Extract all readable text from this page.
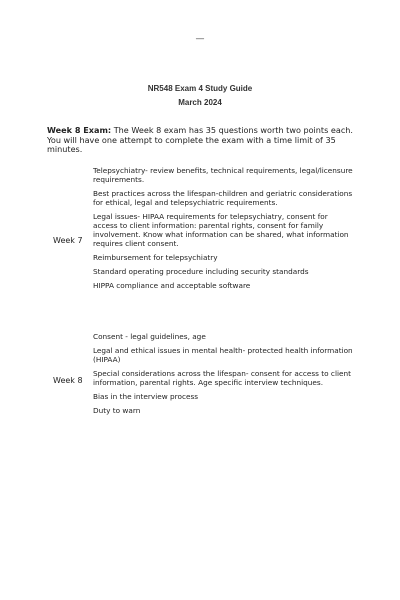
—
NR548 Exam 4 Study Guide
March 2024
Week 8 Exam: The Week 8 exam has 35 questions worth two points each. You will have one attempt to complete the exam with a time limit of 35 minutes.
Week 7
Telepsychiatry- review benefits, technical requirements, legal/licensure requirements.
Best practices across the lifespan-children and geriatric considerations for ethical, legal and telepsychiatric requirements.
Legal issues- HIPAA requirements for telepsychiatry, consent for access to client information: parental rights, consent for family involvement. Know what information can be shared, what information requires client consent.
Reimbursement for telepsychiatry
Standard operating procedure including security standards
HIPPA compliance and acceptable software
Week 8
Consent - legal guidelines, age
Legal and ethical issues in mental health- protected health information (HIPAA)
Special considerations across the lifespan- consent for access to client information, parental rights. Age specific interview techniques.
Bias in the interview process
Duty to warn
